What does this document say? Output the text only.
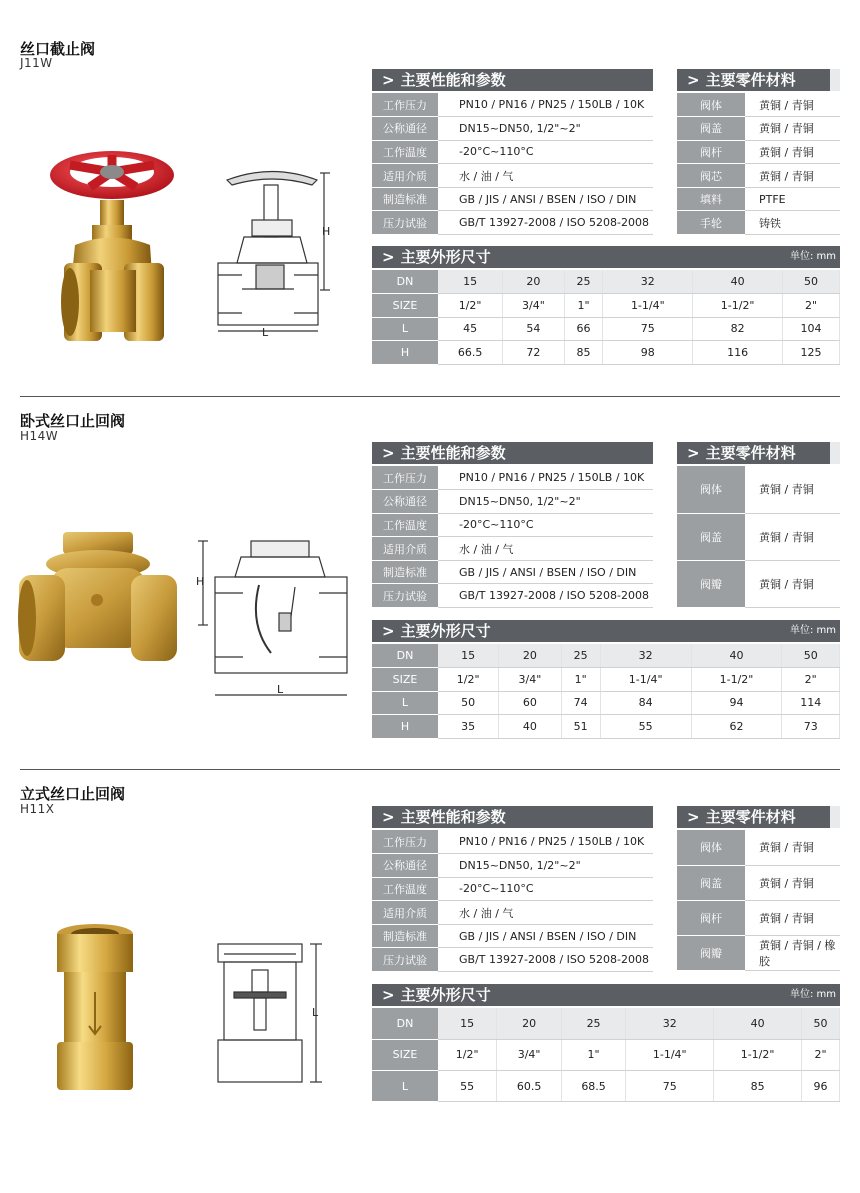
丝口截止阀
J11W
H
L
> 主要性能和参数
工作压力	PN10 / PN16 / PN25 / 150LB / 10K
公称通径	DN15~DN50, 1/2"~2"
工作温度	-20°C~110°C
适用介质	水 / 油 / 气
制造标准	GB / JIS / ANSI / BSEN / ISO / DIN
压力试验	GB/T 13927-2008 / ISO 5208-2008
> 主要零件材料
阀体	黄铜 / 青铜
阀盖	黄铜 / 青铜
阀杆	黄铜 / 青铜
阀芯	黄铜 / 青铜
填料	PTFE
手轮	铸铁
> 主要外形尺寸	单位: mm
DN	15	20	25	32	40	50
SIZE	1/2"	3/4"	1"	1-1/4"	1-1/2"	2"
L	45	54	66	75	82	104
H	66.5	72	85	98	116	125
卧式丝口止回阀
H14W
H
L
> 主要性能和参数
工作压力	PN10 / PN16 / PN25 / 150LB / 10K
公称通径	DN15~DN50, 1/2"~2"
工作温度	-20°C~110°C
适用介质	水 / 油 / 气
制造标准	GB / JIS / ANSI / BSEN / ISO / DIN
压力试验	GB/T 13927-2008 / ISO 5208-2008
> 主要零件材料
阀体	黄铜 / 青铜
阀盖	黄铜 / 青铜
阀瓣	黄铜 / 青铜
> 主要外形尺寸	单位: mm
DN	15	20	25	32	40	50
SIZE	1/2"	3/4"	1"	1-1/4"	1-1/2"	2"
L	50	60	74	84	94	114
H	35	40	51	55	62	73
立式丝口止回阀
H11X
L
> 主要性能和参数
工作压力	PN10 / PN16 / PN25 / 150LB / 10K
公称通径	DN15~DN50, 1/2"~2"
工作温度	-20°C~110°C
适用介质	水 / 油 / 气
制造标准	GB / JIS / ANSI / BSEN / ISO / DIN
压力试验	GB/T 13927-2008 / ISO 5208-2008
> 主要零件材料
阀体	黄铜 / 青铜
阀盖	黄铜 / 青铜
阀杆	黄铜 / 青铜
阀瓣	黄铜 / 青铜 / 橡胶
> 主要外形尺寸	单位: mm
DN	15	20	25	32	40	50
SIZE	1/2"	3/4"	1"	1-1/4"	1-1/2"	2"
L	55	60.5	68.5	75	85	96
